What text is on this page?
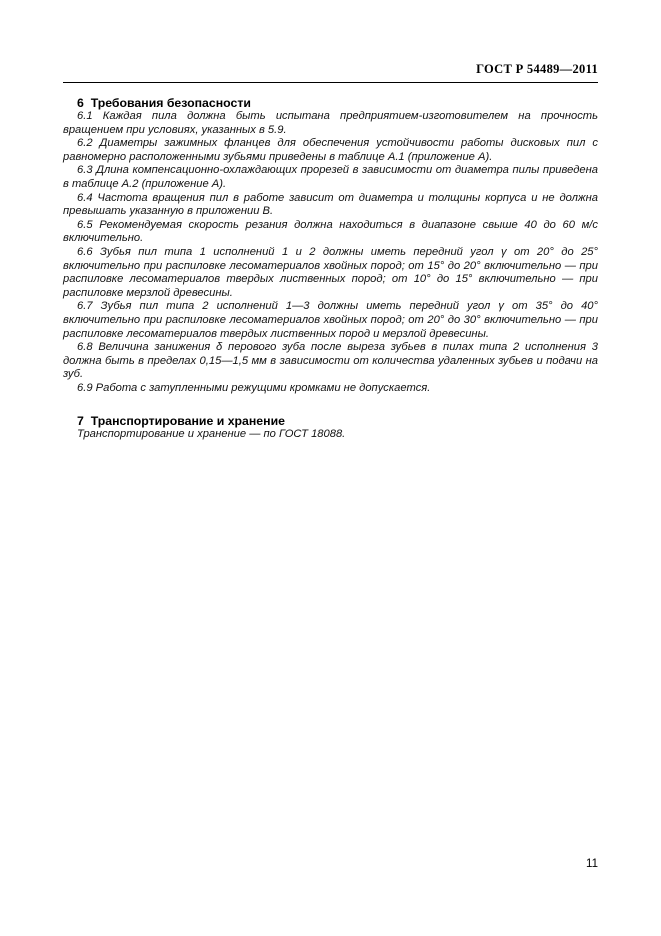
ГОСТ Р 54489—2011
6 Требования безопасности

6.1 Каждая пила должна быть испытана предприятием-изготовителем на прочность вращением при условиях, указанных в 5.9.

6.2 Диаметры зажимных фланцев для обеспечения устойчивости работы дисковых пил с равномерно расположенными зубьями приведены в таблице А.1 (приложение А).

6.3 Длина компенсационно-охлаждающих прорезей в зависимости от диаметра пилы приведена в таблице А.2 (приложение А).

6.4 Частота вращения пил в работе зависит от диаметра и толщины корпуса и не должна превышать указанную в приложении В.

6.5 Рекомендуемая скорость резания должна находиться в диапазоне свыше 40 до 60 м/с включительно.

6.6 Зубья пил типа 1 исполнений 1 и 2 должны иметь передний угол γ от 20° до 25° включительно при распиловке лесоматериалов хвойных пород; от 15° до 20° включительно — при распиловке лесоматериалов твердых лиственных пород; от 10° до 15° включительно — при распиловке мерзлой древесины.

6.7 Зубья пил типа 2 исполнений 1—3 должны иметь передний угол γ от 35° до 40° включительно при распиловке лесоматериалов хвойных пород; от 20° до 30° включительно — при распиловке лесоматериалов твердых лиственных пород и мерзлой древесины.

6.8 Величина занижения δ перового зуба после выреза зубьев в пилах типа 2 исполнения 3 должна быть в пределах 0,15—1,5 мм в зависимости от количества удаленных зубьев и подачи на зуб.

6.9 Работа с затупленными режущими кромками не допускается.

7 Транспортирование и хранение

Транспортирование и хранение — по ГОСТ 18088.

11
